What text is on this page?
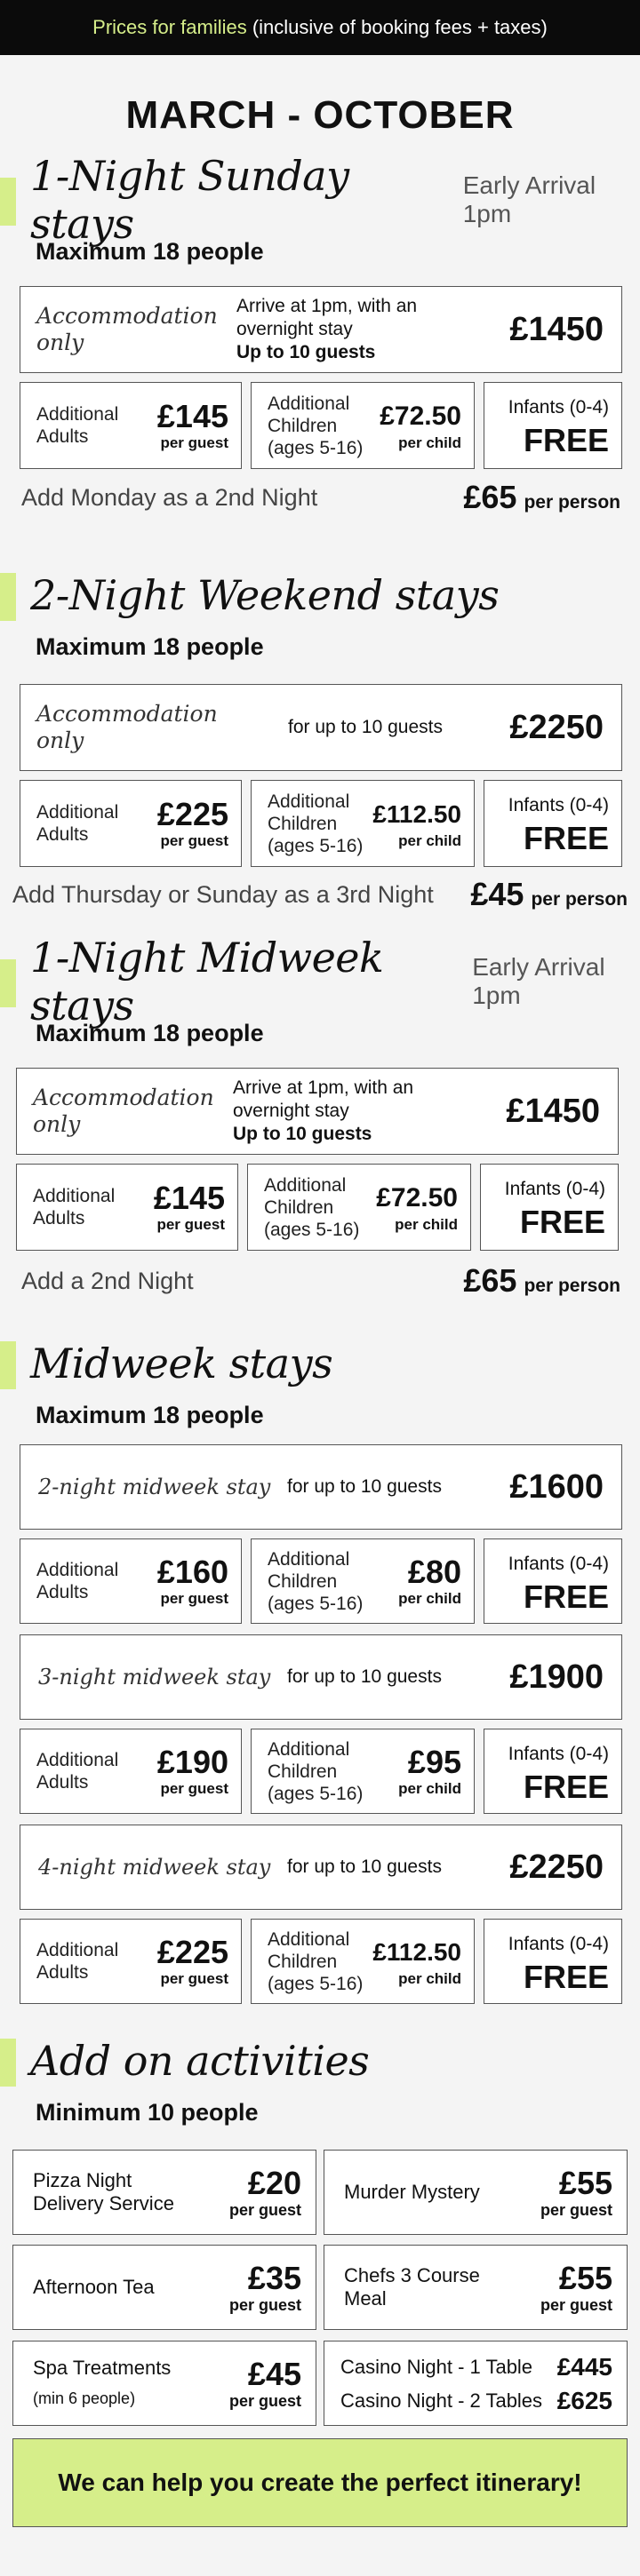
Prices for families (inclusive of booking fees + taxes)
MARCH - OCTOBER
1-Night Sunday stays
Early Arrival 1pm
Maximum 18 people
Accommodation only
Arrive at 1pm, with an overnight stay
Up to 10 guests
£1450
Additional Adults
£145
per guest
Additional Children (ages 5-16)
£72.50
per child
Infants (0-4)
FREE
Add Monday as a 2nd Night	£65 per person
2-Night Weekend stays
Maximum 18 people
Accommodation only
for up to 10 guests	£2250
Additional Adults
£225
per guest
Additional Children (ages 5-16)
£112.50
per child
Infants (0-4)
FREE
Add Thursday or Sunday as a 3rd Night £45 per person
1-Night Midweek stays
Early Arrival 1pm
Maximum 18 people
Accommodation only
Arrive at 1pm, with an overnight stay
Up to 10 guests
£1450
Additional Adults
£145
per guest
Additional Children (ages 5-16)
£72.50
per child
Infants (0-4)
FREE
Add a 2nd Night	£65 per person
Midweek stays
Maximum 18 people
2-night midweek stay for up to 10 guests	£1600
Additional Adults
£160
per guest
Additional Children (ages 5-16)
£80
per child
Infants (0-4)
FREE
3-night midweek stay for up to 10 guests	£1900
Additional Adults
£190
per guest
Additional Children (ages 5-16)
£95
per child
Infants (0-4)
FREE
4-night midweek stay for up to 10 guests	£2250
Additional Adults
£225
per guest
Additional Children (ages 5-16)
£112.50
per child
Infants (0-4)
FREE
Add on activities
Minimum 10 people
Pizza Night Delivery Service
£20
per guest
Murder Mystery	£55
per guest
Afternoon Tea	£35
per guest
Chefs 3 Course Meal
£55
per guest
Spa Treatments
(min 6 people)
£45
per guest
Casino Night - 1 Table £445
Casino Night - 2 Tables £625
We can help you create the perfect itinerary!
